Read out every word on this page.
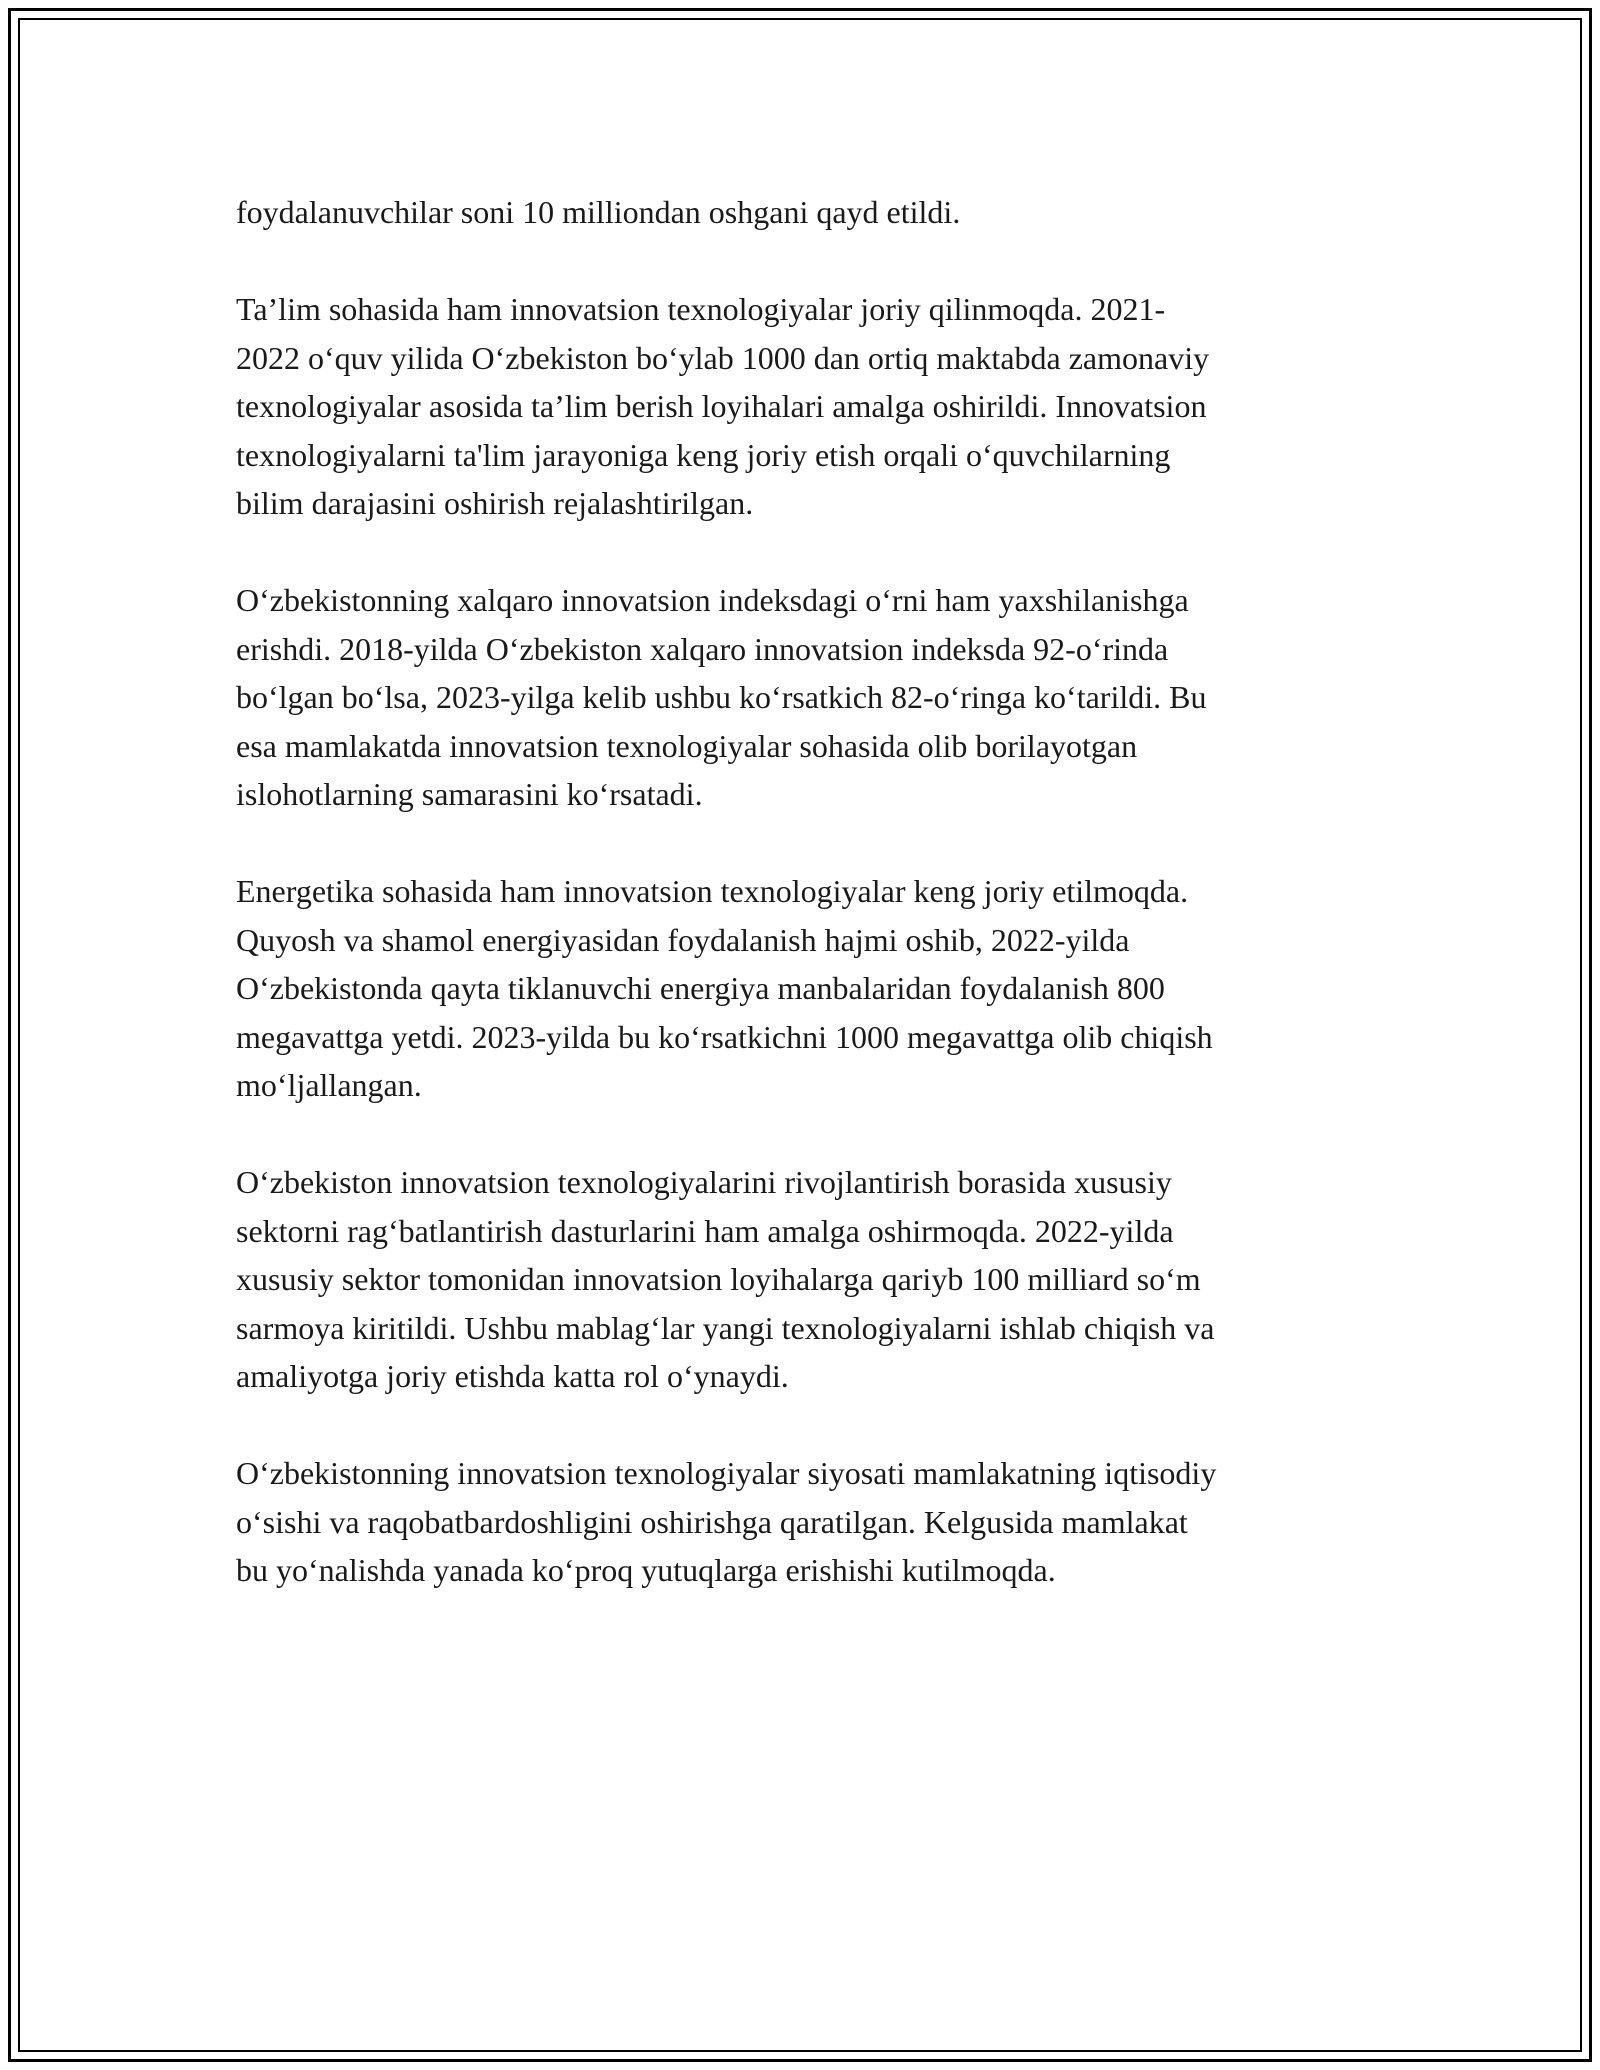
foydalanuvchilar soni 10 milliondan oshgani qayd etildi.

Ta’lim sohasida ham innovatsion texnologiyalar joriy qilinmoqda. 2021-
2022 o‘quv yilida O‘zbekiston bo‘ylab 1000 dan ortiq maktabda zamonaviy
texnologiyalar asosida ta’lim berish loyihalari amalga oshirildi. Innovatsion
texnologiyalarni ta'lim jarayoniga keng joriy etish orqali o‘quvchilarning
bilim darajasini oshirish rejalashtirilgan.

O‘zbekistonning xalqaro innovatsion indeksdagi o‘rni ham yaxshilanishga
erishdi. 2018-yilda O‘zbekiston xalqaro innovatsion indeksda 92-o‘rinda
bo‘lgan bo‘lsa, 2023-yilga kelib ushbu ko‘rsatkich 82-o‘ringa ko‘tarildi. Bu
esa mamlakatda innovatsion texnologiyalar sohasida olib borilayotgan
islohotlarning samarasini ko‘rsatadi.

Energetika sohasida ham innovatsion texnologiyalar keng joriy etilmoqda.
Quyosh va shamol energiyasidan foydalanish hajmi oshib, 2022-yilda
O‘zbekistonda qayta tiklanuvchi energiya manbalaridan foydalanish 800
megavattga yetdi. 2023-yilda bu ko‘rsatkichni 1000 megavattga olib chiqish
mo‘ljallangan.

O‘zbekiston innovatsion texnologiyalarini rivojlantirish borasida xususiy
sektorni rag‘batlantirish dasturlarini ham amalga oshirmoqda. 2022-yilda
xususiy sektor tomonidan innovatsion loyihalarga qariyb 100 milliard so‘m
sarmoya kiritildi. Ushbu mablag‘lar yangi texnologiyalarni ishlab chiqish va
amaliyotga joriy etishda katta rol o‘ynaydi.

O‘zbekistonning innovatsion texnologiyalar siyosati mamlakatning iqtisodiy
o‘sishi va raqobatbardoshligini oshirishga qaratilgan. Kelgusida mamlakat
bu yo‘nalishda yanada ko‘proq yutuqlarga erishishi kutilmoqda.
